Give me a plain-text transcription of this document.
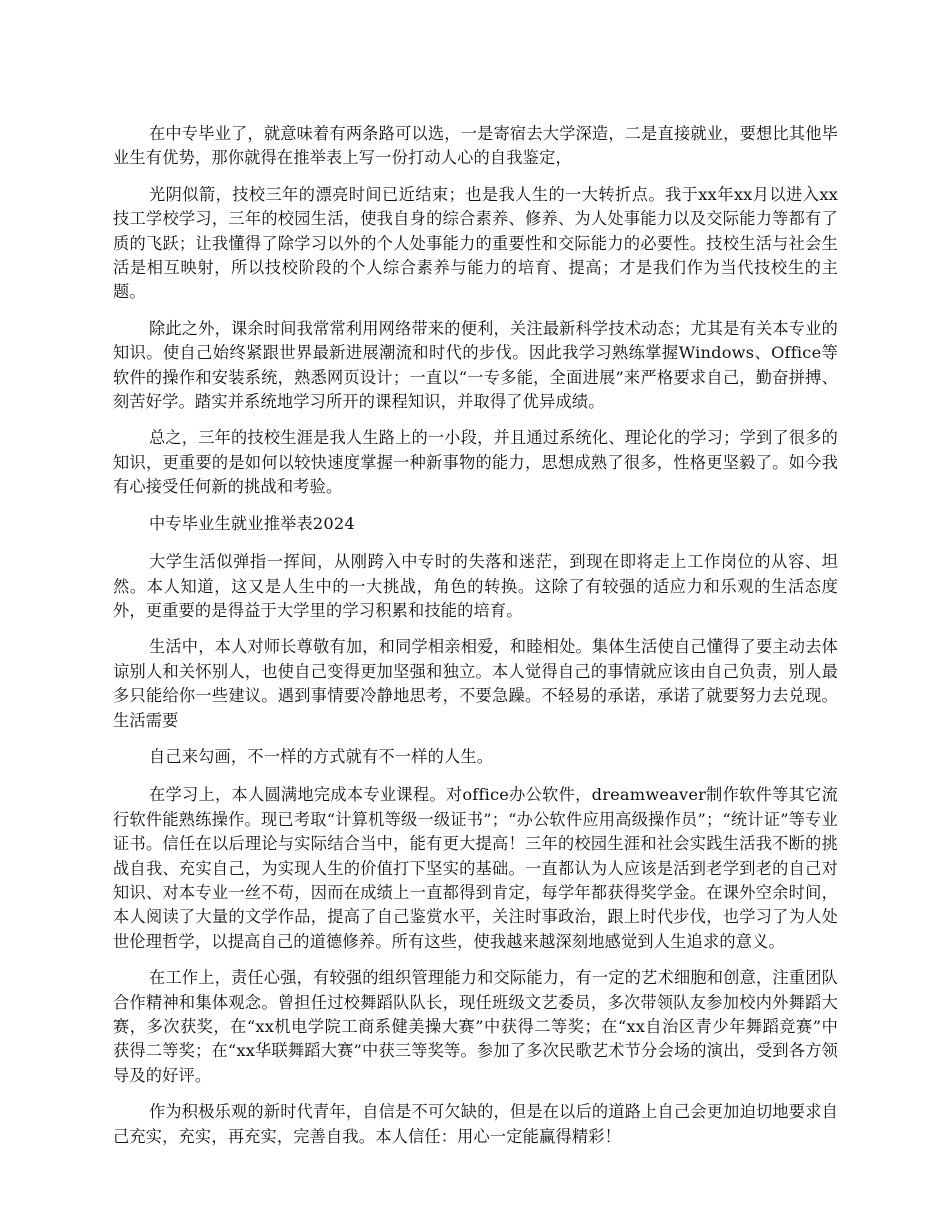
在中专毕业了，就意味着有两条路可以选，一是寄宿去大学深造，二是直接就业，要想比其他毕业生有优势，那你就得在推举表上写一份打动人心的自我鉴定，

光阴似箭，技校三年的漂亮时间已近结束；也是我人生的一大转折点。我于xx年xx月以进入xx技工学校学习，三年的校园生活，使我自身的综合素养、修养、为人处事能力以及交际能力等都有了质的飞跃；让我懂得了除学习以外的个人处事能力的重要性和交际能力的必要性。技校生活与社会生活是相互映射，所以技校阶段的个人综合素养与能力的培育、提高；才是我们作为当代技校生的主题。

除此之外，课余时间我常常利用网络带来的便利，关注最新科学技术动态；尤其是有关本专业的知识。使自己始终紧跟世界最新进展潮流和时代的步伐。因此我学习熟练掌握Windows、Office等软件的操作和安装系统，熟悉网页设计；一直以“一专多能，全面进展”来严格要求自己，勤奋拼搏、刻苦好学。踏实并系统地学习所开的课程知识，并取得了优异成绩。

总之，三年的技校生涯是我人生路上的一小段，并且通过系统化、理论化的学习；学到了很多的知识，更重要的是如何以较快速度掌握一种新事物的能力，思想成熟了很多，性格更坚毅了。如今我有心接受任何新的挑战和考验。

中专毕业生就业推举表2024

大学生活似弹指一挥间，从刚跨入中专时的失落和迷茫，到现在即将走上工作岗位的从容、坦然。本人知道，这又是人生中的一大挑战，角色的转换。这除了有较强的适应力和乐观的生活态度外，更重要的是得益于大学里的学习积累和技能的培育。

生活中，本人对师长尊敬有加，和同学相亲相爱，和睦相处。集体生活使自己懂得了要主动去体谅别人和关怀别人，也使自己变得更加坚强和独立。本人觉得自己的事情就应该由自己负责，别人最多只能给你一些建议。遇到事情要冷静地思考，不要急躁。不轻易的承诺，承诺了就要努力去兑现。生活需要

自己来勾画，不一样的方式就有不一样的人生。

在学习上，本人圆满地完成本专业课程。对office办公软件，dreamweaver制作软件等其它流行软件能熟练操作。现已考取“计算机等级一级证书”；“办公软件应用高级操作员”；“统计证”等专业证书。信任在以后理论与实际结合当中，能有更大提高！三年的校园生涯和社会实践生活我不断的挑战自我、充实自己，为实现人生的价值打下坚实的基础。一直都认为人应该是活到老学到老的自己对知识、对本专业一丝不苟，因而在成绩上一直都得到肯定，每学年都获得奖学金。在课外空余时间，本人阅读了大量的文学作品，提高了自己鉴赏水平，关注时事政治，跟上时代步伐，也学习了为人处世伦理哲学，以提高自己的道德修养。所有这些，使我越来越深刻地感觉到人生追求的意义。

在工作上，责任心强，有较强的组织管理能力和交际能力，有一定的艺术细胞和创意，注重团队合作精神和集体观念。曾担任过校舞蹈队队长，现任班级文艺委员，多次带领队友参加校内外舞蹈大赛，多次获奖，在“xx机电学院工商系健美操大赛”中获得二等奖；在“xx自治区青少年舞蹈竞赛”中获得二等奖；在“xx华联舞蹈大赛”中获三等奖等。参加了多次民歌艺术节分会场的演出，受到各方领导及的好评。

作为积极乐观的新时代青年，自信是不可欠缺的，但是在以后的道路上自己会更加迫切地要求自己充实，充实，再充实，完善自我。本人信任：用心一定能赢得精彩！
